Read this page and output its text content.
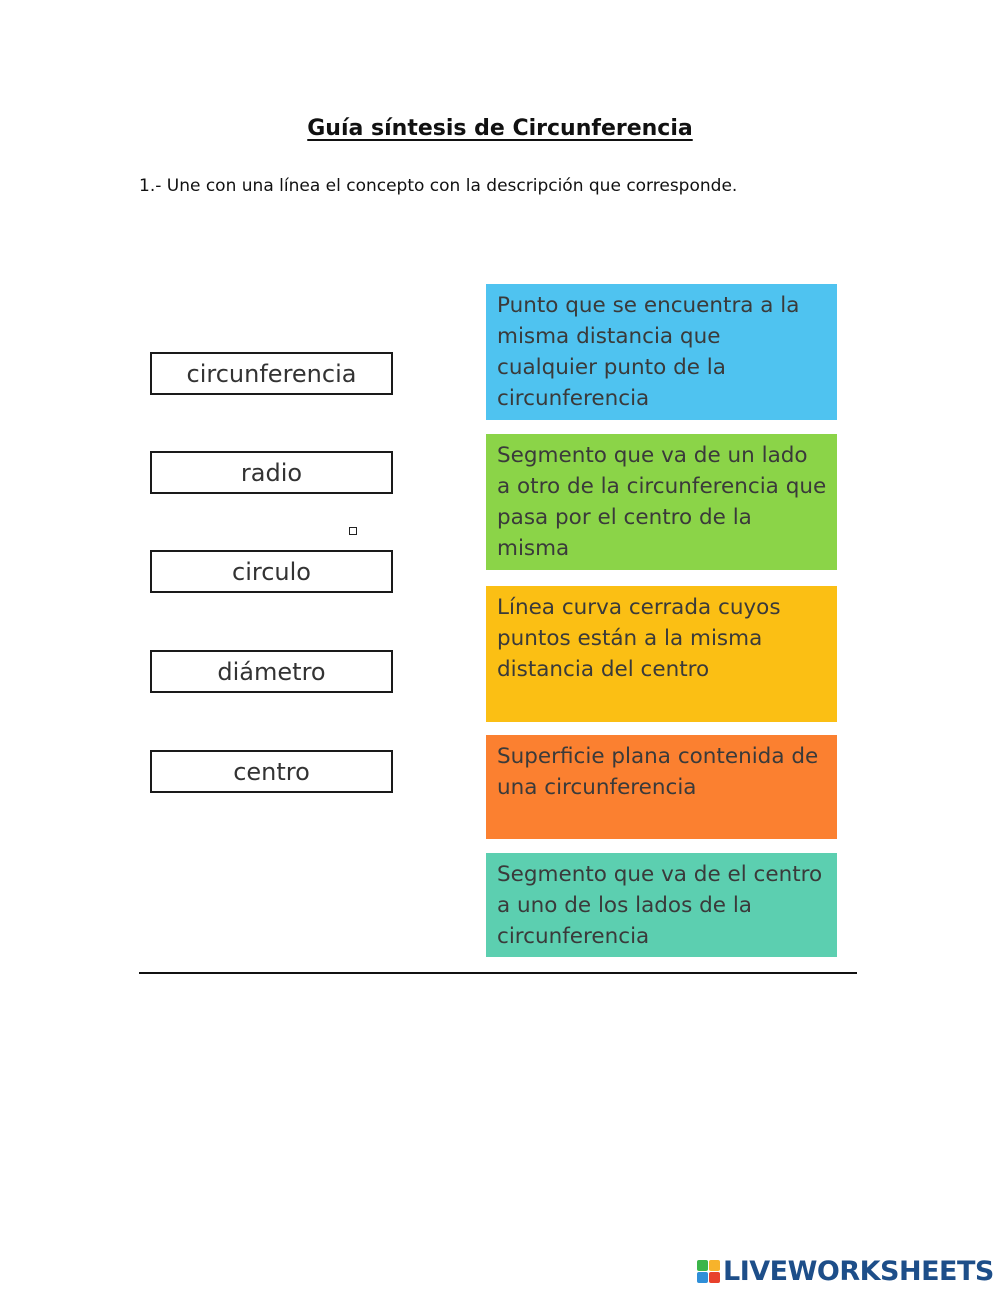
Guía síntesis de Circunferencia
1.- Une con una línea el concepto con la descripción que corresponde.
circunferencia
radio
circulo
diámetro
centro
Punto que se encuentra a la misma distancia que cualquier punto de la circunferencia
Segmento que va de un lado a otro de la circunferencia que pasa por el centro de la misma
Línea curva cerrada cuyos puntos están a la misma distancia del centro
Superficie plana contenida de una circunferencia
Segmento que va de el centro a uno de los lados de la circunferencia
LIVEWORKSHEETS
